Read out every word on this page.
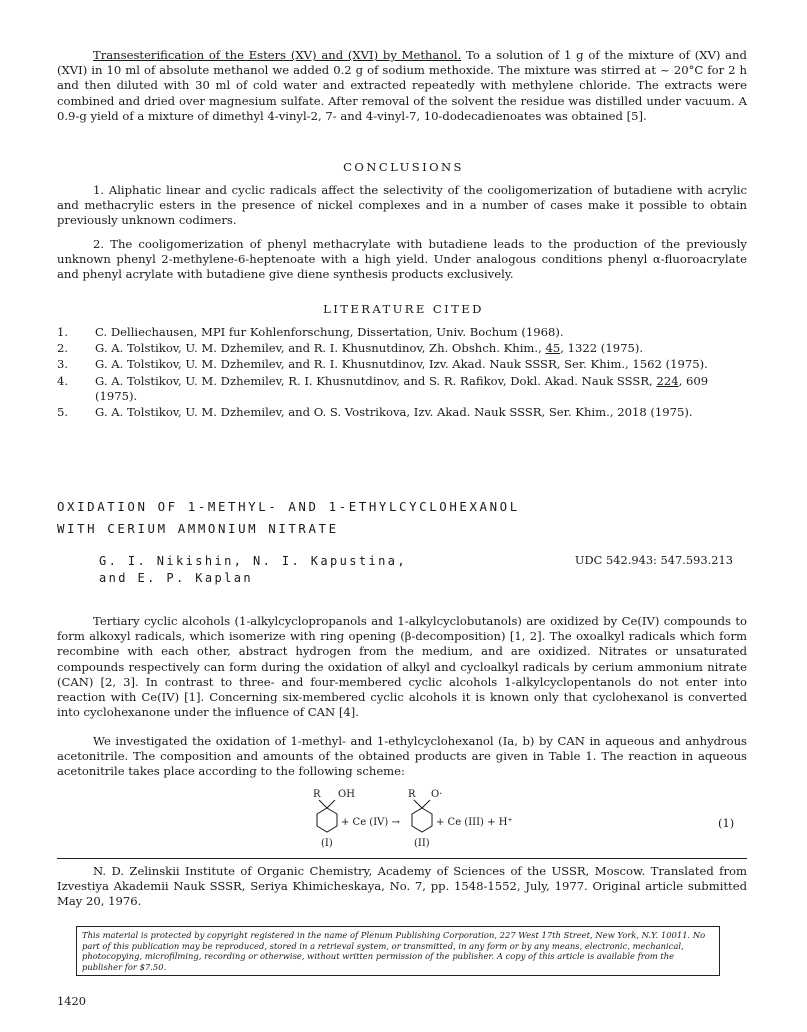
Transesterification of the Esters (XV) and (XVI) by Methanol. To a solution of 1 g of the mixture of (XV) and (XVI) in 10 ml of absolute methanol we added 0.2 g of sodium methoxide. The mixture was stirred at ~ 20°C for 2 h and then diluted with 30 ml of cold water and extracted repeatedly with methylene chloride. The extracts were combined and dried over magnesium sulfate. After removal of the solvent the residue was distilled under vacuum. A 0.9-g yield of a mixture of dimethyl 4-vinyl-2, 7- and 4-vinyl-7, 10-dodecadienoates was obtained [5].

CONCLUSIONS

1. Aliphatic linear and cyclic radicals affect the selectivity of the cooligomerization of butadiene with acrylic and methacrylic esters in the presence of nickel complexes and in a number of cases make it possible to obtain previously unknown codimers.

2. The cooligomerization of phenyl methacrylate with butadiene leads to the production of the previously unknown phenyl 2-methylene-6-heptenoate with a high yield. Under analogous conditions phenyl α-fluoroacrylate and phenyl acrylate with butadiene give diene synthesis products exclusively.

LITERATURE CITED

1.	C. Delliechausen, MPI fur Kohlenforschung, Dissertation, Univ. Bochum (1968).
2.	G. A. Tolstikov, U. M. Dzhemilev, and R. I. Khusnutdinov, Zh. Obshch. Khim., 45, 1322 (1975).
3.	G. A. Tolstikov, U. M. Dzhemilev, and R. I. Khusnutdinov, Izv. Akad. Nauk SSSR, Ser. Khim., 1562 (1975).
4.	G. A. Tolstikov, U. M. Dzhemilev, R. I. Khusnutdinov, and S. R. Rafikov, Dokl. Akad. Nauk SSSR, 224, 609 (1975).
5.	G. A. Tolstikov, U. M. Dzhemilev, and O. S. Vostrikova, Izv. Akad. Nauk SSSR, Ser. Khim., 2018 (1975).

OXIDATION OF 1-METHYL- AND 1-ETHYLCYCLOHEXANOL

WITH CERIUM AMMONIUM NITRATE

G. I. Nikishin, N. I. Kapustina,
and E. P. Kaplan

UDC 542.943: 547.593.213

Tertiary cyclic alcohols (1-alkylcyclopropanols and 1-alkylcyclobutanols) are oxidized by Ce(IV) compounds to form alkoxyl radicals, which isomerize with ring opening (β-decomposition) [1, 2]. The oxoalkyl radicals which form recombine with each other, abstract hydrogen from the medium, and are oxidized. Nitrates or unsaturated compounds respectively can form during the oxidation of alkyl and cycloalkyl radicals by cerium ammonium nitrate (CAN) [2, 3]. In contrast to three- and four-membered cyclic alcohols 1-alkylcyclopentanols do not enter into reaction with Ce(IV) [1]. Concerning six-membered cyclic alcohols it is known only that cyclohexanol is converted into cyclohexanone under the influence of CAN [4].

We investigated the oxidation of 1-methyl- and 1-ethylcyclohexanol (Ia, b) by CAN in aqueous and anhydrous acetonitrile. The composition and amounts of the obtained products are given in Table 1. The reaction in aqueous acetonitrile takes place according to the following scheme:

R OH
+ Ce (IV) →
(I)
R O·
+ Ce (III) + H⁺
(II)

(1)

N. D. Zelinskii Institute of Organic Chemistry, Academy of Sciences of the USSR, Moscow. Translated from Izvestiya Akademii Nauk SSSR, Seriya Khimicheskaya, No. 7, pp. 1548-1552, July, 1977. Original article submitted May 20, 1976.

This material is protected by copyright registered in the name of Plenum Publishing Corporation, 227 West 17th Street, New York, N.Y. 10011. No part of this publication may be reproduced, stored in a retrieval system, or transmitted, in any form or by any means, electronic, mechanical, photocopying, microfilming, recording or otherwise, without written permission of the publisher. A copy of this article is available from the publisher for $7.50.

1420
